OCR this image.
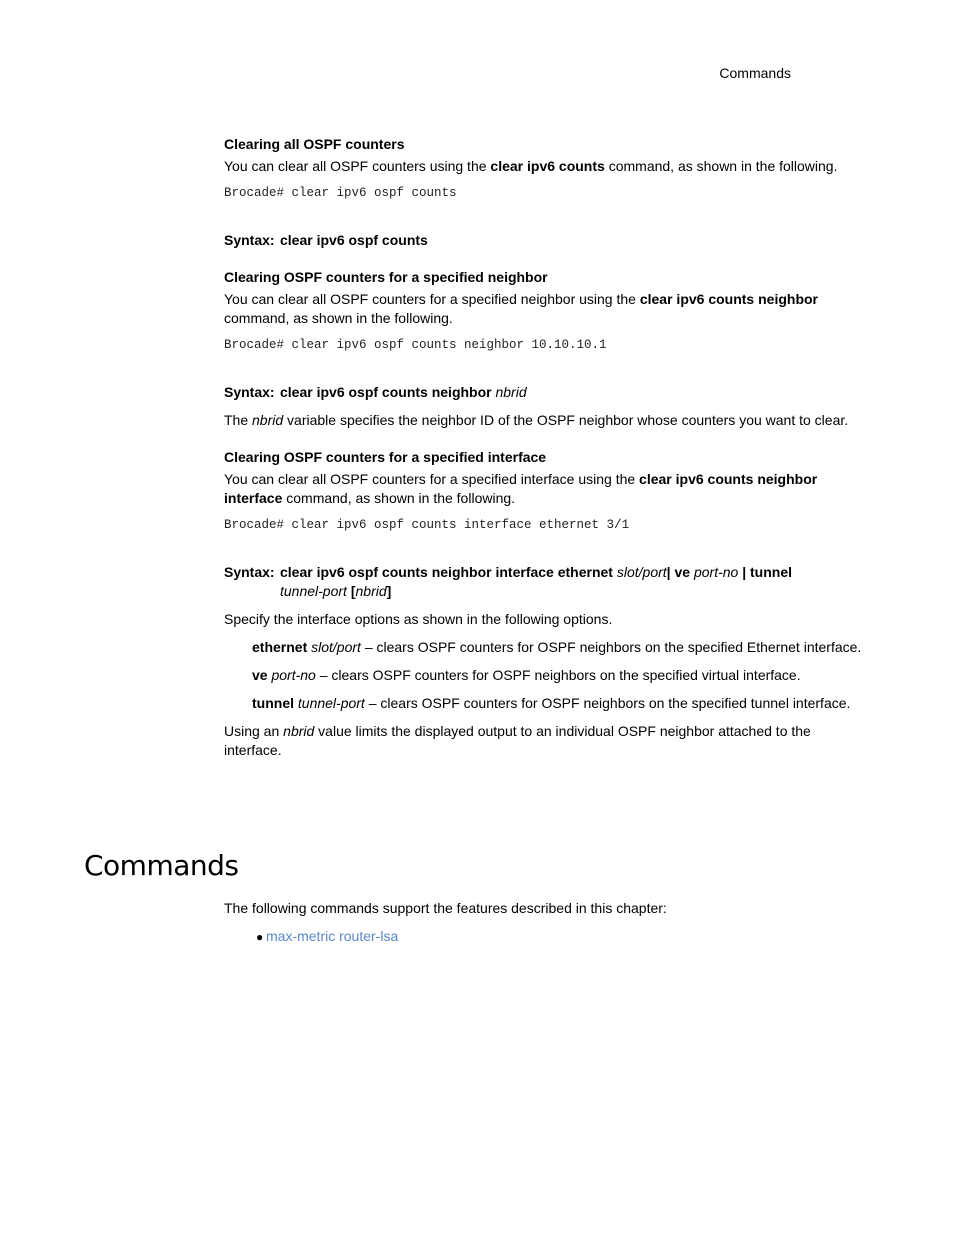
Commands
Clearing all OSPF counters

You can clear all OSPF counters using the clear ipv6 counts command, as shown in the following.

Brocade# clear ipv6 ospf counts
Syntax: clear ipv6 ospf counts
Clearing OSPF counters for a specified neighbor

You can clear all OSPF counters for a specified neighbor using the clear ipv6 counts neighbor command, as shown in the following.

Brocade# clear ipv6 ospf counts neighbor 10.10.10.1
Syntax: clear ipv6 ospf counts neighbor nbrid

The nbrid variable specifies the neighbor ID of the OSPF neighbor whose counters you want to clear.

Clearing OSPF counters for a specified interface

You can clear all OSPF counters for a specified interface using the clear ipv6 counts neighbor interface command, as shown in the following.

Brocade# clear ipv6 ospf counts interface ethernet 3/1
Syntax: clear ipv6 ospf counts neighbor interface ethernet slot/port| ve port-no | tunnel
tunnel-port [nbrid]

Specify the interface options as shown in the following options.

ethernet slot/port – clears OSPF counters for OSPF neighbors on the specified Ethernet interface.

ve port-no – clears OSPF counters for OSPF neighbors on the specified virtual interface.

tunnel tunnel-port – clears OSPF counters for OSPF neighbors on the specified tunnel interface.

Using an nbrid value limits the displayed output to an individual OSPF neighbor attached to the interface.

Commands

The following commands support the features described in this chapter:

● max-metric router-lsa
